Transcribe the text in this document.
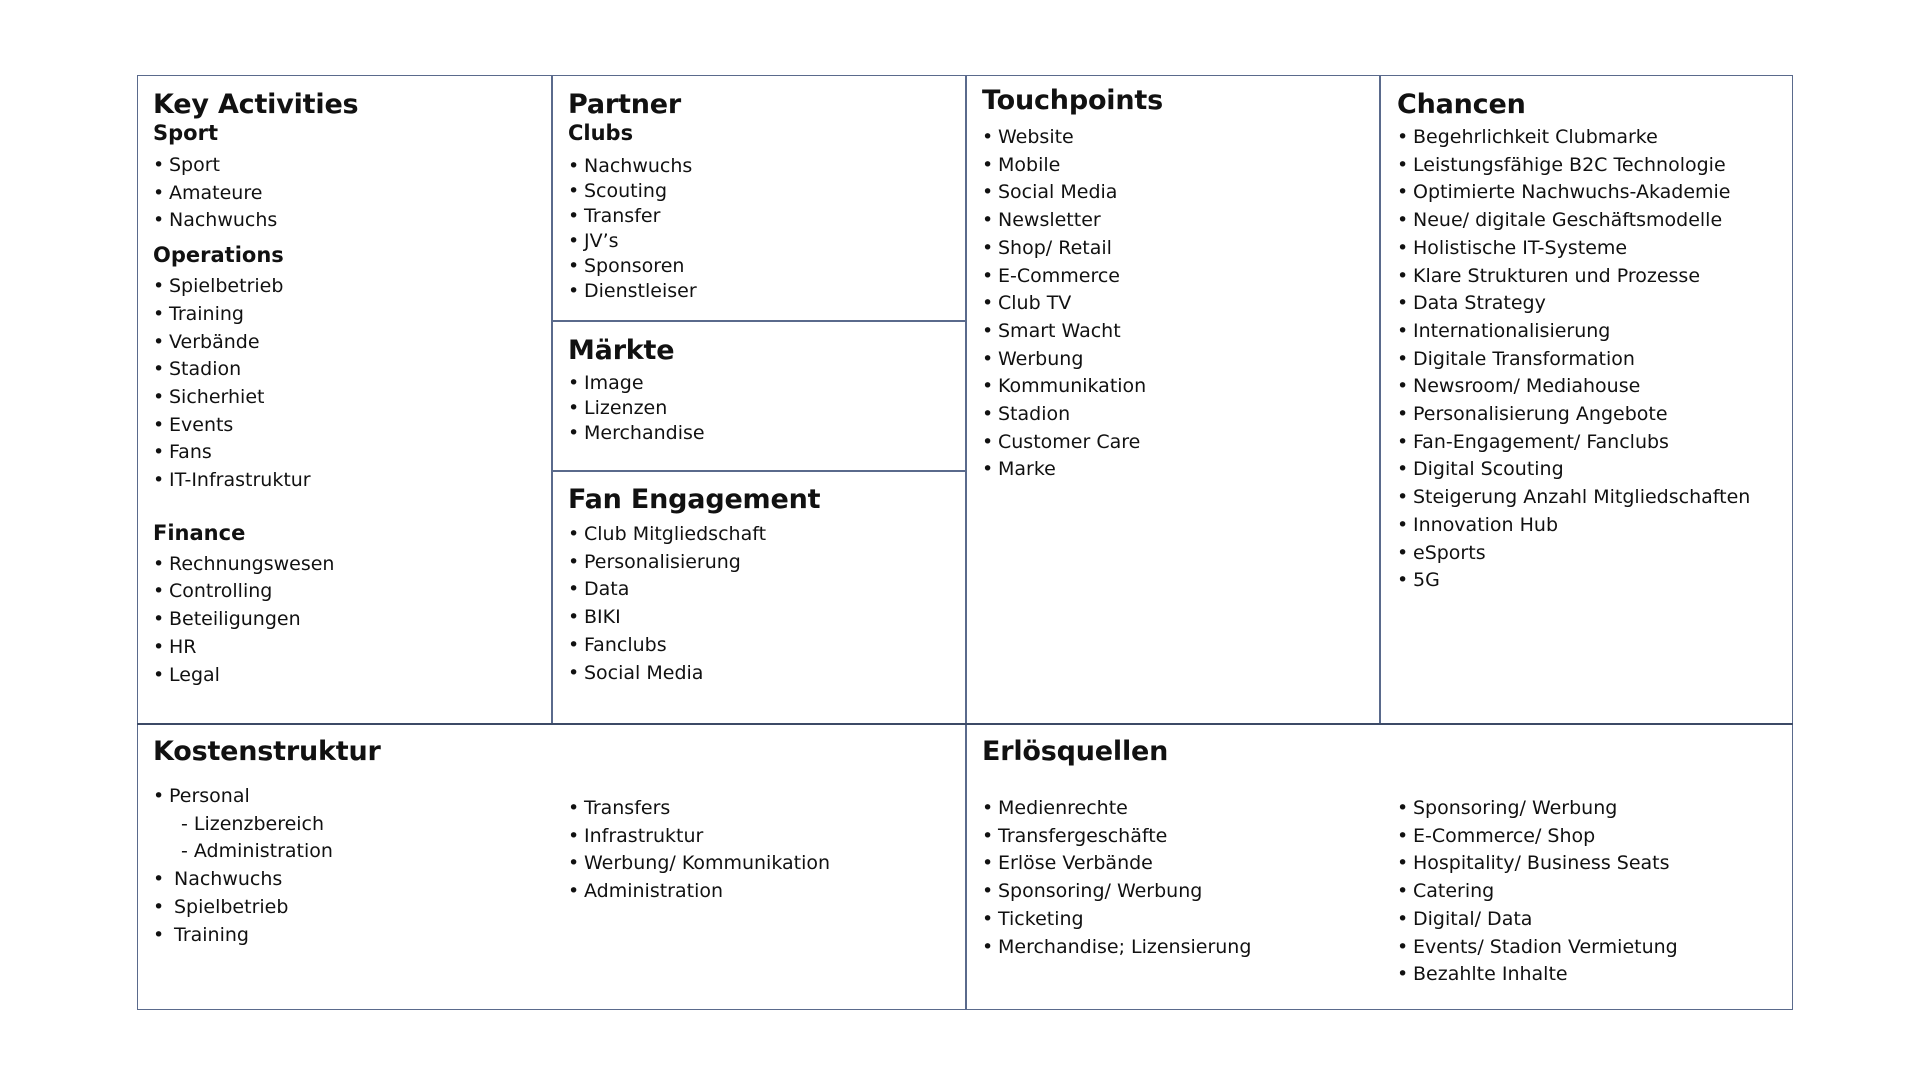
Key Activities
Sport
• Sport
• Amateure
• Nachwuchs
Operations
• Spielbetrieb
• Training
• Verbände
• Stadion
• Sicherhiet
• Events
• Fans
• IT-Infrastruktur
Finance
• Rechnungswesen
• Controlling
• Beteiligungen
• HR
• Legal
Partner
Clubs
• Nachwuchs
• Scouting
• Transfer
• JV’s
• Sponsoren
• Dienstleiser
Märkte
• Image
• Lizenzen
• Merchandise
Fan Engagement
• Club Mitgliedschaft
• Personalisierung
• Data
• BIKI
• Fanclubs
• Social Media
Touchpoints
• Website
• Mobile
• Social Media
• Newsletter
• Shop/ Retail
• E-Commerce
• Club TV
• Smart Wacht
• Werbung
• Kommunikation
• Stadion
• Customer Care
• Marke
Chancen
• Begehrlichkeit Clubmarke
• Leistungsfähige B2C Technologie
• Optimierte Nachwuchs-Akademie
• Neue/ digitale Geschäftsmodelle
• Holistische IT-Systeme
• Klare Strukturen und Prozesse
• Data Strategy
• Internationalisierung
• Digitale Transformation
• Newsroom/ Mediahouse
• Personalisierung Angebote
• Fan-Engagement/ Fanclubs
• Digital Scouting
• Steigerung Anzahl Mitgliedschaften
• Innovation Hub
• eSports
• 5G
Kostenstruktur
• Personal
- Lizenzbereich
- Administration
• Nachwuchs
• Spielbetrieb
• Training
• Transfers
• Infrastruktur
• Werbung/ Kommunikation
• Administration
Erlösquellen
• Medienrechte
• Transfergeschäfte
• Erlöse Verbände
• Sponsoring/ Werbung
• Ticketing
• Merchandise; Lizensierung
• Sponsoring/ Werbung
• E-Commerce/ Shop
• Hospitality/ Business Seats
• Catering
• Digital/ Data
• Events/ Stadion Vermietung
• Bezahlte Inhalte
